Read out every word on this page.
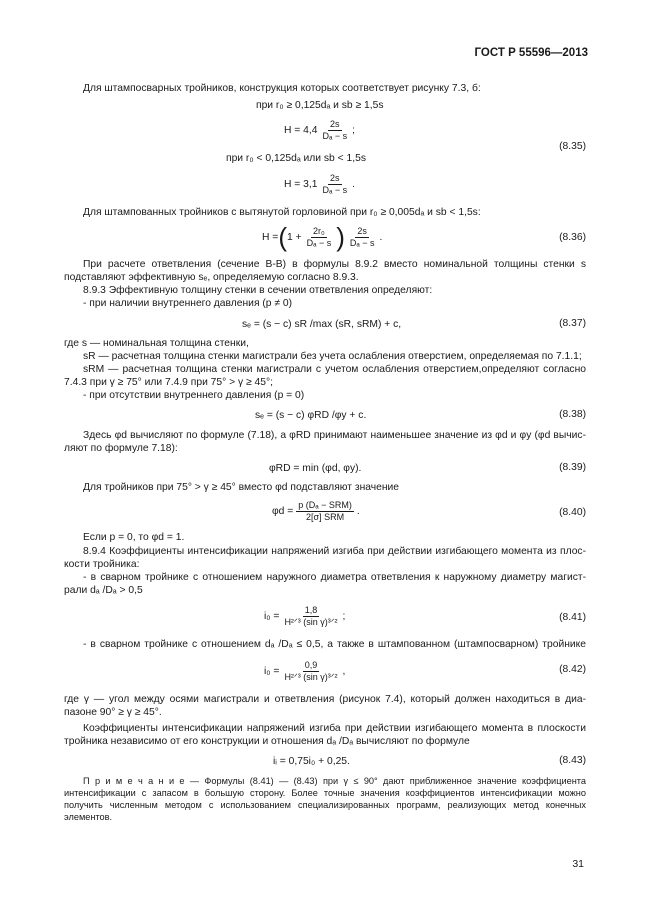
ГОСТ Р 55596—2013
Для штампосварных тройников, конструкция которых соответствует рисунку 7.3, б:
при r₀ ≥ 0,125dₐ и sb ≥ 1,5s
$H = 4,4 \frac{2s}{\text{Dₐ − s}}$ ;
(8.35)
при r₀ < 0,125dₐ или sb < 1,5s
$H = 3,1 \frac{2s}{\text{Dₐ − s}}$ .
Для штампованных тройников с вытянутой горловиной при r₀ ≥ 0,005dₐ и sb < 1,5s:
H = ( $1 + \frac{\text{2r₀}}{\text{Dₐ − s}}$ ) $\frac{2s}{\text{Dₐ − s}}$ .	(8.36)
При расчете ответвления (сечение В-В) в формулы 8.9.2 вместо номинальной толщины стенки s
подставляют эффективную sₑ, определяемую согласно 8.9.3.
8.9.3 Эффективную толщину стенки в сечении ответвления определяют:
- при наличии внутреннего давления (p ≠ 0)
sₑ = (s − c) sR /max (sR, sRM) + c,	(8.37)
где s — номинальная толщина стенки,
sR — расчетная толщина стенки магистрали без учета ослабления отверстием, определяемая по 7.1.1;
sRM — расчетная толщина стенки магистрали с учетом ослабления отверстием,определяют согласно
7.4.3 при γ ≥ 75° или 7.4.9 при 75° > γ ≥ 45°;
- при отсутствии внутреннего давления (p = 0)
sₑ = (s − c) φRD /φy + c.	(8.38)
Здесь φd вычисляют по формуле (7.18), а φRD принимают наименьшее значение из φd и φy (φd вычис-
ляют по формуле 7.18):
φRD = min (φd, φy).	(8.39)
Для тройников при 75° > γ ≥ 45° вместо φd подставляют значение
$\varphi d = \frac{\text{p (Dₐ − SRM)}}{\text{2[σ] SRM}}$ .	(8.40)
Если p = 0, то φd = 1.
8.9.4 Коэффициенты интенсификации напряжений изгиба при действии изгибающего момента из плос-
кости тройника:
- в сварном тройнике с отношением наружного диаметра ответвления к наружному диаметру магист-
рали dₐ /Dₐ > 0,5
$i_0 = \frac{1,8}{\text{H²ᐟ³ (sin γ)³ᐟ²}}$ ;	(8.41)
- в сварном тройнике с отношением dₐ /Dₐ ≤ 0,5, а также в штампованном (штампосварном) тройнике
$i_0 = \frac{0,9}{\text{H²ᐟ³ (sin γ)³ᐟ²}}$ ,	(8.42)
где γ — угол между осями магистрали и ответвления (рисунок 7.4), который должен находиться в диа-
пазоне 90° ≥ γ ≥ 45°.
Коэффициенты интенсификации напряжений изгиба при действии изгибающего момента в плоскости
тройника независимо от его конструкции и отношения dₐ /Dₐ вычисляют по формуле
iᵢ = 0,75i₀ + 0,25.	(8.43)
П р и м е ч а н и е — Формулы (8.41) — (8.43) при γ ≤ 90° дают приближенное значение коэффициента
интенсификации с запасом в большую сторону. Более точные значения коэффициентов интенсификации можно
получить численным методом с использованием специализированных программ, реализующих метод конечных
элементов.
31
